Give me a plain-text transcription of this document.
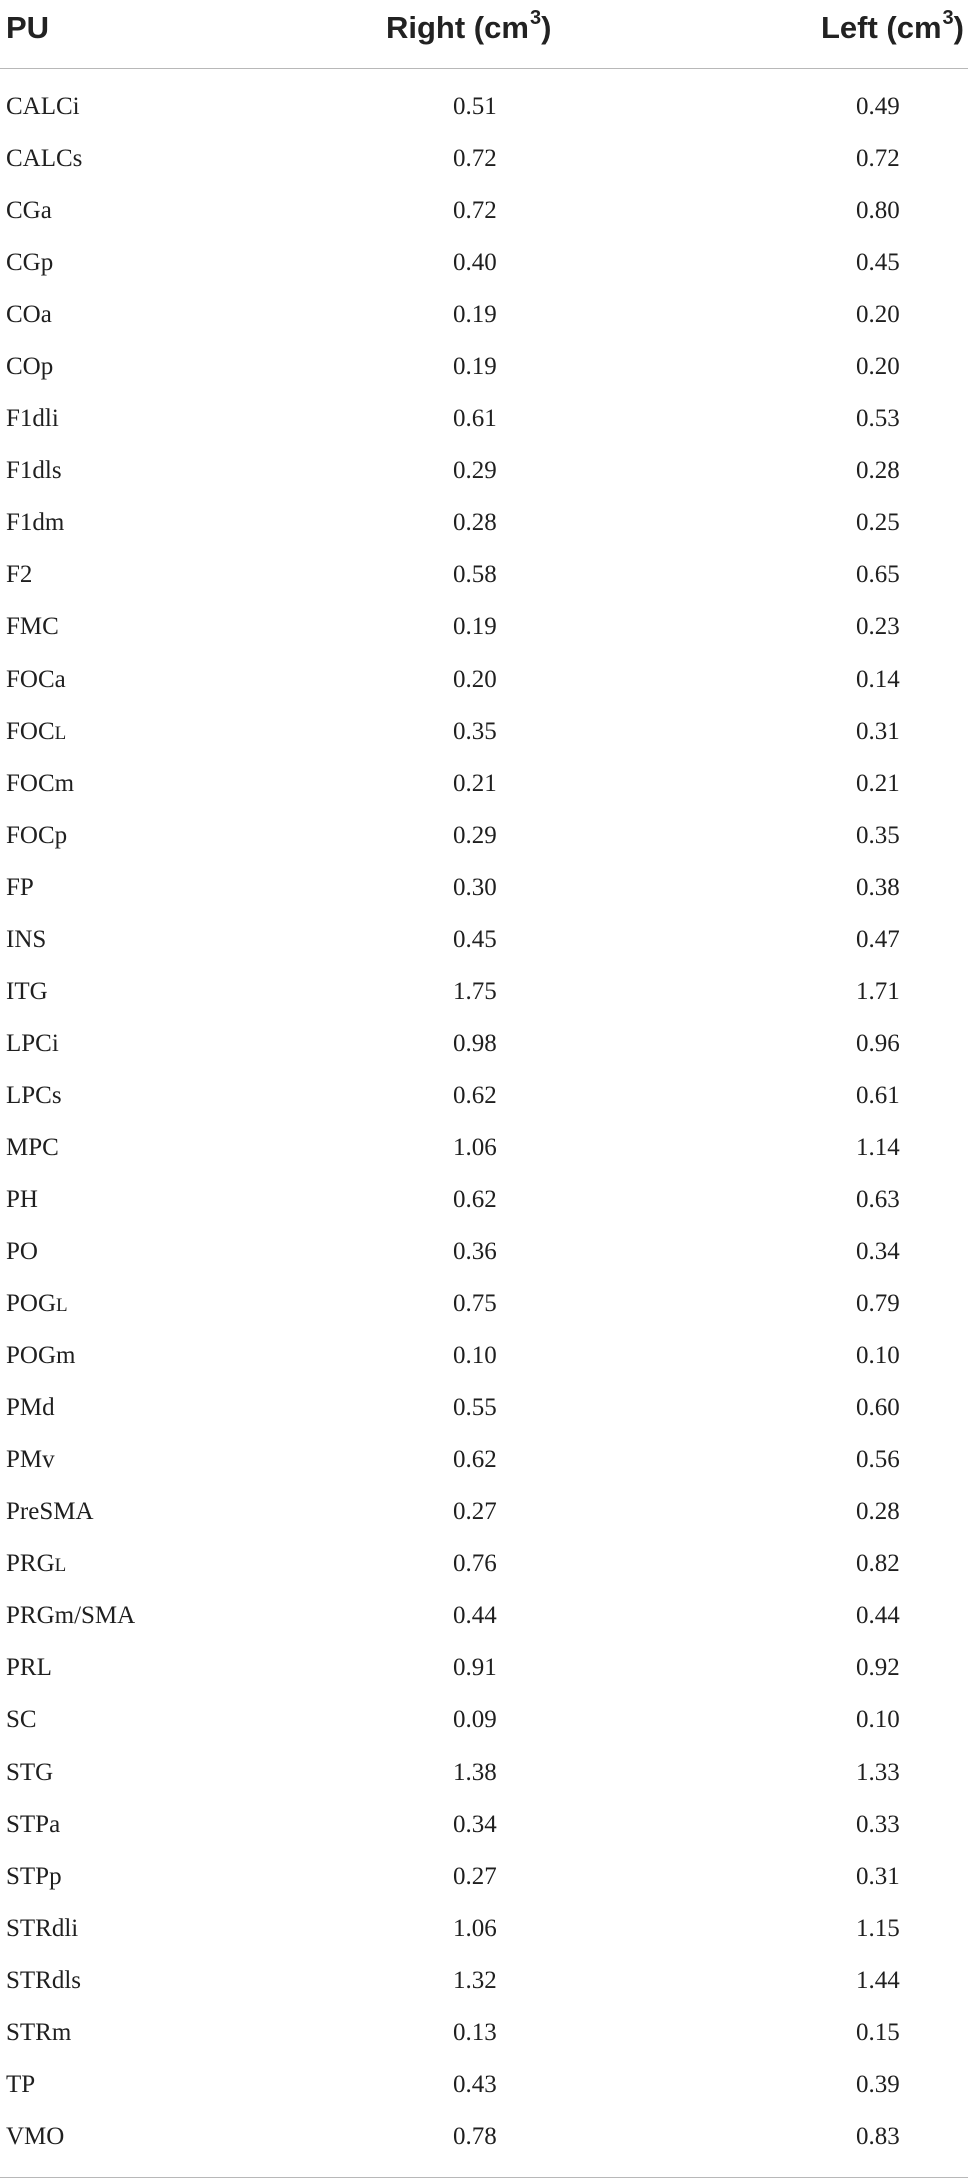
PU	Right $(cm^3)$	Left $(cm^3)$
CALCi	0.51	0.49
CALCs	0.72	0.72
CGa	0.72	0.80
CGp	0.40	0.45
COa	0.19	0.20
COp	0.19	0.20
F1dli	0.61	0.53
F1dls	0.29	0.28
F1dm	0.28	0.25
F2	0.58	0.65
FMC	0.19	0.23
FOCa	0.20	0.14
FOCL	0.35	0.31
FOCm	0.21	0.21
FOCp	0.29	0.35
FP	0.30	0.38
INS	0.45	0.47
ITG	1.75	1.71
LPCi	0.98	0.96
LPCs	0.62	0.61
MPC	1.06	1.14
PH	0.62	0.63
PO	0.36	0.34
POGL	0.75	0.79
POGm	0.10	0.10
PMd	0.55	0.60
PMv	0.62	0.56
PreSMA	0.27	0.28
PRGL	0.76	0.82
PRGm/SMA	0.44	0.44
PRL	0.91	0.92
SC	0.09	0.10
STG	1.38	1.33
STPa	0.34	0.33
STPp	0.27	0.31
STRdli	1.06	1.15
STRdls	1.32	1.44
STRm	0.13	0.15
TP	0.43	0.39
VMO	0.78	0.83
